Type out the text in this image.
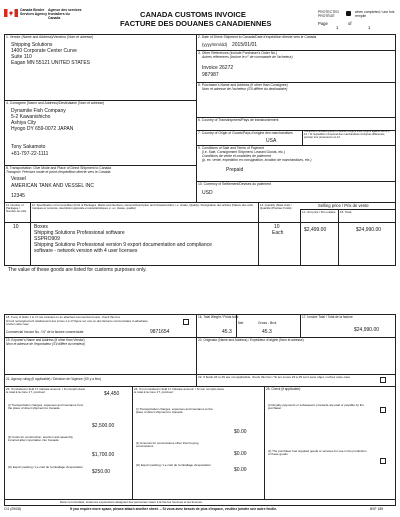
Canada Border Services Agency
Agence des services frontaliers du Canada	CANADA CUSTOMS INVOICE
FACTURE DES DOUANES CANADIENNES
PROTECTED
PROTÉGÉ
when completed / une fois remplie
Page
1
of
1
1. Vendor (Name and Address)/Vendeur (Nom et adresse)
Shipping Solutions
1400 Corporate Center Curve
Suite 110
Eagan MN 55121 UNITED STATES
2. Date of Direct Shipment to Canada/Date d'expédition directe vers le Canada
(yyyy/mm/dd) 2015/01/01
3. Other References (Include Purchaser's Order No.)
Autres références (Inclure le n° de commande de l'acheteur)
Invoice 26272
987987
4. Consignee (Name and Address)/Destinataire (Nom et adresse)
Dynamite Fish Company
5-2 Kawanishicho
Ashiya City
Hyogo DY 659-0072 JAPAN
Tony Sakamoto
+81-797-22-1111
5. Purchaser's Name and Address (If other than Consignee)
Nom et adresse de l'acheteur (S'il diffère du destinataire)
6. Country of Transshipment/Pays de transbordement
7. Country of Origin of Goods/Pays d'origine des marchandises
USA
If shipment includes goods of different origins enter origins against items in 12. / Si l'expédition comprend des marchandises d'origines différentes, préciser leur provenance en 12.
8. Transportation: Give Mode and Place of Direct Shipment to Canada
Transport: Précisez mode et point d'expédition directe vers le Canada
Vessel
AMERICAN TANK AND VESSEL INC
12345
9. Conditions of Sale and Terms of Payment
(i.e. Sale, Consignment Shipment, Leased Goods, etc.)
Conditions de vente et modalités de paiement
(p. ex. vente, expédition en consignation, location de marchandises, etc.)
Prepaid
10. Currency of Settlement/Devises du paiement
USD
11. Number of Packages / Nombre de colis
12. Specification of Commodities (Kind of Packages, Marks and Numbers, General Description and Characteristics, i.e. Grade, Quality) / Désignation des articles (Nature des colis, marques et numéros, description générale et caractéristiques, p. ex. classe, qualité)
13. Quantity (State Unit) / Quantité (Préciser l'unité)
Selling price / Prix de vente
14. Unit price / Prix unitaire 15. Total
10	Boxes
Shipping Solutions Professional software
SSPRO909
Shipping Solutions Professional version 9 export documentation and compliance
software - network version with 4 user licenses
10
Each	$2,499.00	$24,990.00
The value of these goods are listed for customs purposes only.
18. If any of fields 1 to 17 are included on an attached commercial invoice, check this box
Si tout renseignement relativement aux zones 1 à 17 figure sur une ou des factures commerciales ci-attachées, cocher cette case
Commercial Invoice No. / N° de la facture commerciale	9871654
16. Total Weight / Poids total
Net	Gross - Brut
45.3	45.3
17. Invoice Total / Total de la facture
$24,990.00
19. Exporter's Name and Address (If other than Vendor)
Nom et adresse de l'exportateur (S'il diffère du vendeur)
20. Originator (Name and Address) / Expéditeur d'origine (Nom et adresse)
21. Agency ruling (If applicable) / Décision de l'Agence (S'il y a lieu)	22. If fields 23 to 25 are not applicable, check this box / Si les zones 23 à 25 sont sans objet, cochez cette case
23. If included in field 17 indicate amount: / Si compris dans le total à la zone 17, précisez:	$4,450
(i) Transportation charges, expenses and insurance from the place of direct shipment to Canada
$2,500.00
(ii) Costs for construction, erection and assembly incurred after importation into Canada
$1,700.00
(iii) Export packing / Le coût de l'emballage d'exportation
$250.00
24. If not included in field 17 indicate amount: / Si non compris dans le total à la zone 17, précisez:
(i) Transportation charges, expenses and insurance to the place of direct shipment to Canada
$0.00
(ii) Amounts for commissions other than buying commissions
$0.00
(iii) Export packing / Le coût de l'emballage d'exportation
$0.00
25. Check (if applicable):
(i) Royalty payments or subsequent proceeds are paid or payable by the purchaser
(ii) The purchaser has supplied goods or services for use in the production of these goods
Dans ce formulaire, toutes les expressions désignant des personnes visent à la fois les hommes et les femmes.
CI1 (09/08)	If you require more space, please attach another sheet. – Si vous avez besoin de plus d'espace, veuillez joindre une autre feuille.	BSF 189
